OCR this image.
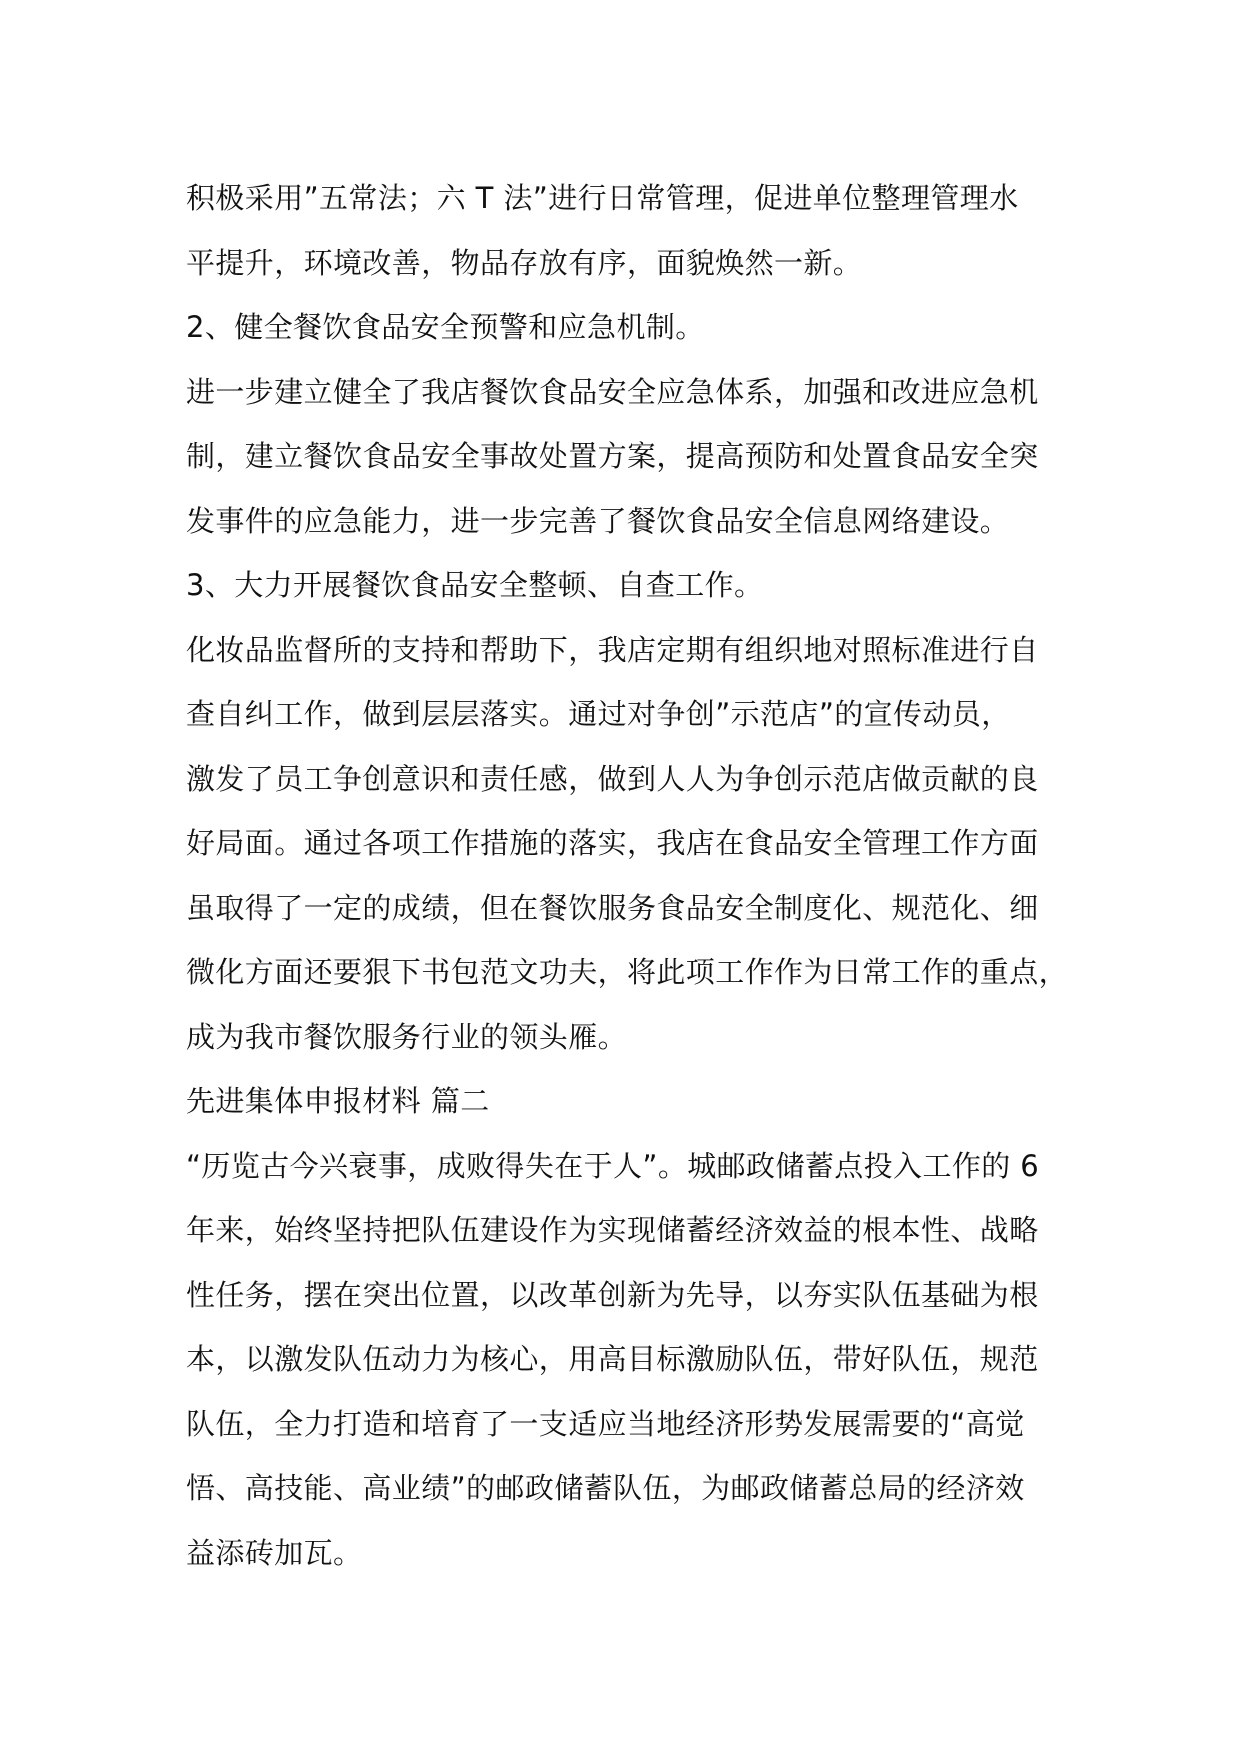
积极采用”五常法；六 T 法”进行日常管理，促进单位整理管理水
平提升，环境改善，物品存放有序，面貌焕然一新。
2、健全餐饮食品安全预警和应急机制。
进一步建立健全了我店餐饮食品安全应急体系，加强和改进应急机
制，建立餐饮食品安全事故处置方案，提高预防和处置食品安全突
发事件的应急能力，进一步完善了餐饮食品安全信息网络建设。
3、大力开展餐饮食品安全整顿、自查工作。
化妆品监督所的支持和帮助下，我店定期有组织地对照标准进行自
查自纠工作，做到层层落实。通过对争创”示范店”的宣传动员，
激发了员工争创意识和责任感，做到人人为争创示范店做贡献的良
好局面。通过各项工作措施的落实，我店在食品安全管理工作方面
虽取得了一定的成绩，但在餐饮服务食品安全制度化、规范化、细
微化方面还要狠下书包范文功夫，将此项工作作为日常工作的重点，
成为我市餐饮服务行业的领头雁。
先进集体申报材料 篇二
“历览古今兴衰事，成败得失在于人”。城邮政储蓄点投入工作的 6
年来，始终坚持把队伍建设作为实现储蓄经济效益的根本性、战略
性任务，摆在突出位置，以改革创新为先导，以夯实队伍基础为根
本，以激发队伍动力为核心，用高目标激励队伍，带好队伍，规范
队伍，全力打造和培育了一支适应当地经济形势发展需要的“高觉
悟、高技能、高业绩”的邮政储蓄队伍，为邮政储蓄总局的经济效
益添砖加瓦。
